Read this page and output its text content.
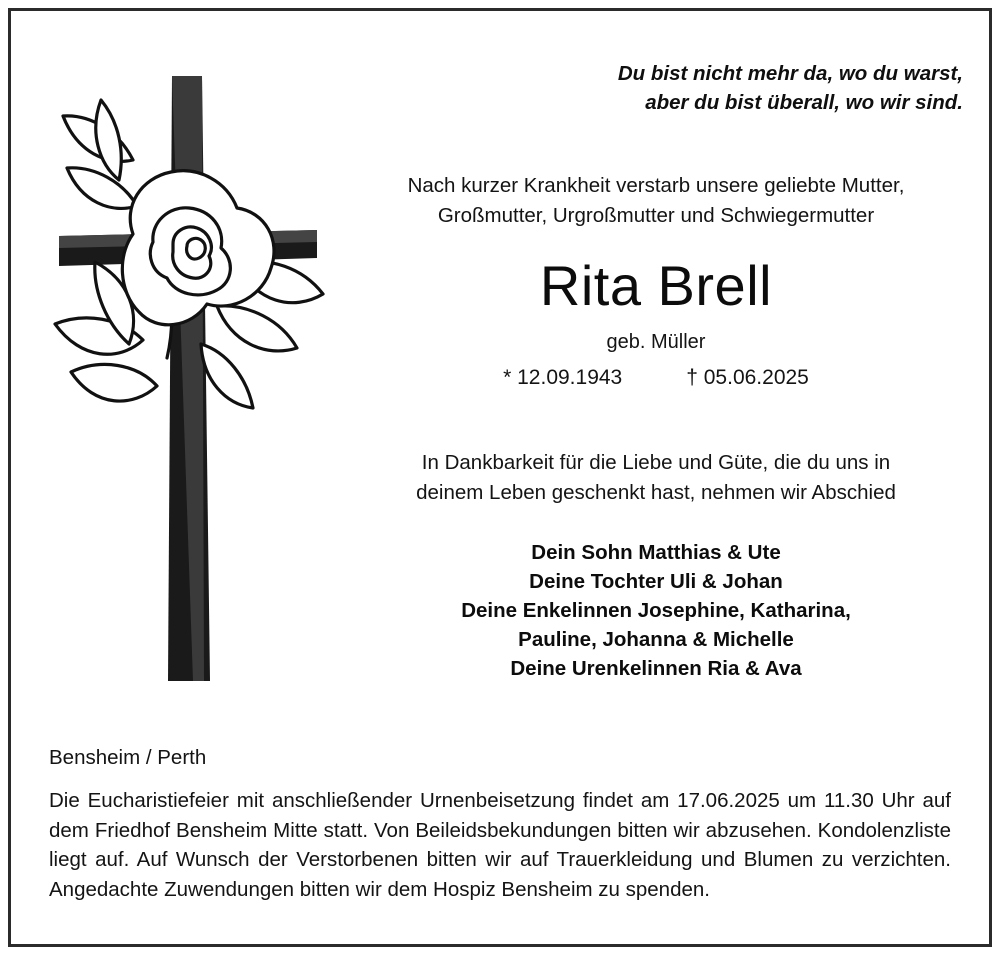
Du bist nicht mehr da, wo du warst,
aber du bist überall, wo wir sind.
Nach kurzer Krankheit verstarb unsere geliebte Mutter,
Großmutter, Urgroßmutter und Schwiegermutter
Rita Brell
geb. Müller
* 12.09.1943	† 05.06.2025
In Dankbarkeit für die Liebe und Güte, die du uns in
deinem Leben geschenkt hast, nehmen wir Abschied
Dein Sohn Matthias & Ute
Deine Tochter Uli & Johan
Deine Enkelinnen Josephine, Katharina,
Pauline, Johanna & Michelle
Deine Urenkelinnen Ria & Ava
Bensheim / Perth
Die Eucharistiefeier mit anschließender Urnenbeisetzung findet am 17.06.2025 um 11.30 Uhr auf dem Friedhof Bensheim Mitte statt. Von Beileidsbekundungen bitten wir abzusehen. Kondolenzliste liegt auf. Auf Wunsch der Verstorbenen bitten wir auf Trauerkleidung und Blumen zu verzichten. Angedachte Zuwendungen bitten wir dem Hospiz Bensheim zu spenden.
